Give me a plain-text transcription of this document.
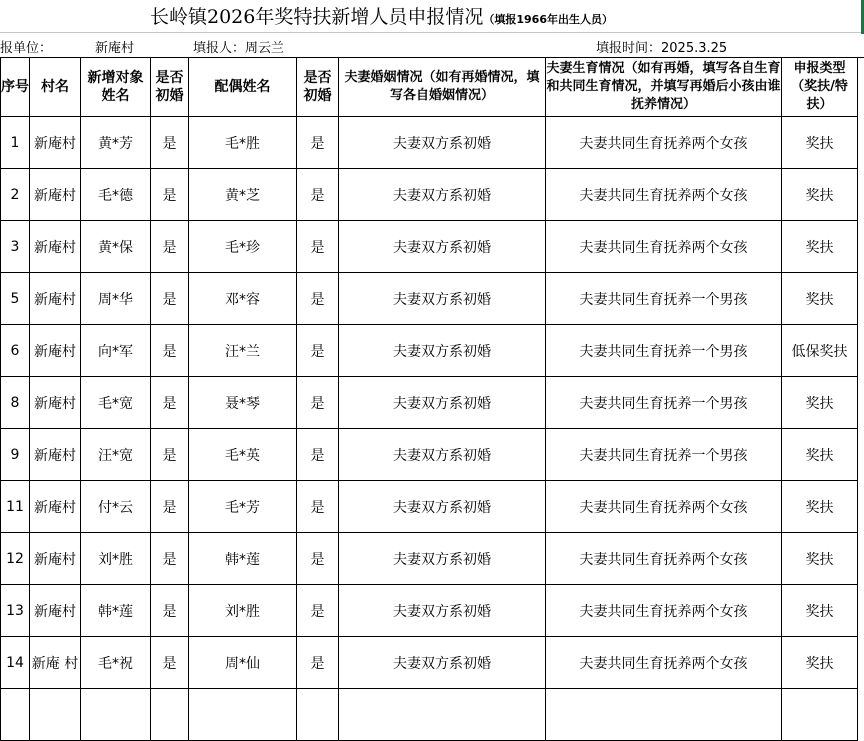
长岭镇2026年奖特扶新增人员申报情况（填报1966年出生人员）
报单位：	新庵村	填报人：周云兰	填报时间：2025.3.25
序号	村名	新增对象姓名	是否初婚	配偶姓名	是否初婚	夫妻婚姻情况（如有再婚情况，填写各自婚姻情况）	夫妻生育情况（如有再婚，填写各自生育和共同生育情况，并填写再婚后小孩由谁抚养情况）	申报类型（奖扶/特扶）
1	新庵村	黄*芳	是	毛*胜	是	夫妻双方系初婚	夫妻共同生育抚养两个女孩	奖扶
2	新庵村	毛*德	是	黄*芝	是	夫妻双方系初婚	夫妻共同生育抚养两个女孩	奖扶
3	新庵村	黄*保	是	毛*珍	是	夫妻双方系初婚	夫妻共同生育抚养两个女孩	奖扶
5	新庵村	周*华	是	邓*容	是	夫妻双方系初婚	夫妻共同生育抚养一个男孩	奖扶
6	新庵村	向*军	是	汪*兰	是	夫妻双方系初婚	夫妻共同生育抚养一个男孩	低保奖扶
8	新庵村	毛*宽	是	聂*琴	是	夫妻双方系初婚	夫妻共同生育抚养一个男孩	奖扶
9	新庵村	汪*宽	是	毛*英	是	夫妻双方系初婚	夫妻共同生育抚养一个男孩	奖扶
11	新庵村	付*云	是	毛*芳	是	夫妻双方系初婚	夫妻共同生育抚养两个女孩	奖扶
12	新庵村	刘*胜	是	韩*莲	是	夫妻双方系初婚	夫妻共同生育抚养两个女孩	奖扶
13	新庵村	韩*莲	是	刘*胜	是	夫妻双方系初婚	夫妻共同生育抚养两个女孩	奖扶
14	新庵 村	毛*祝	是	周*仙	是	夫妻双方系初婚	夫妻共同生育抚养两个女孩	奖扶
